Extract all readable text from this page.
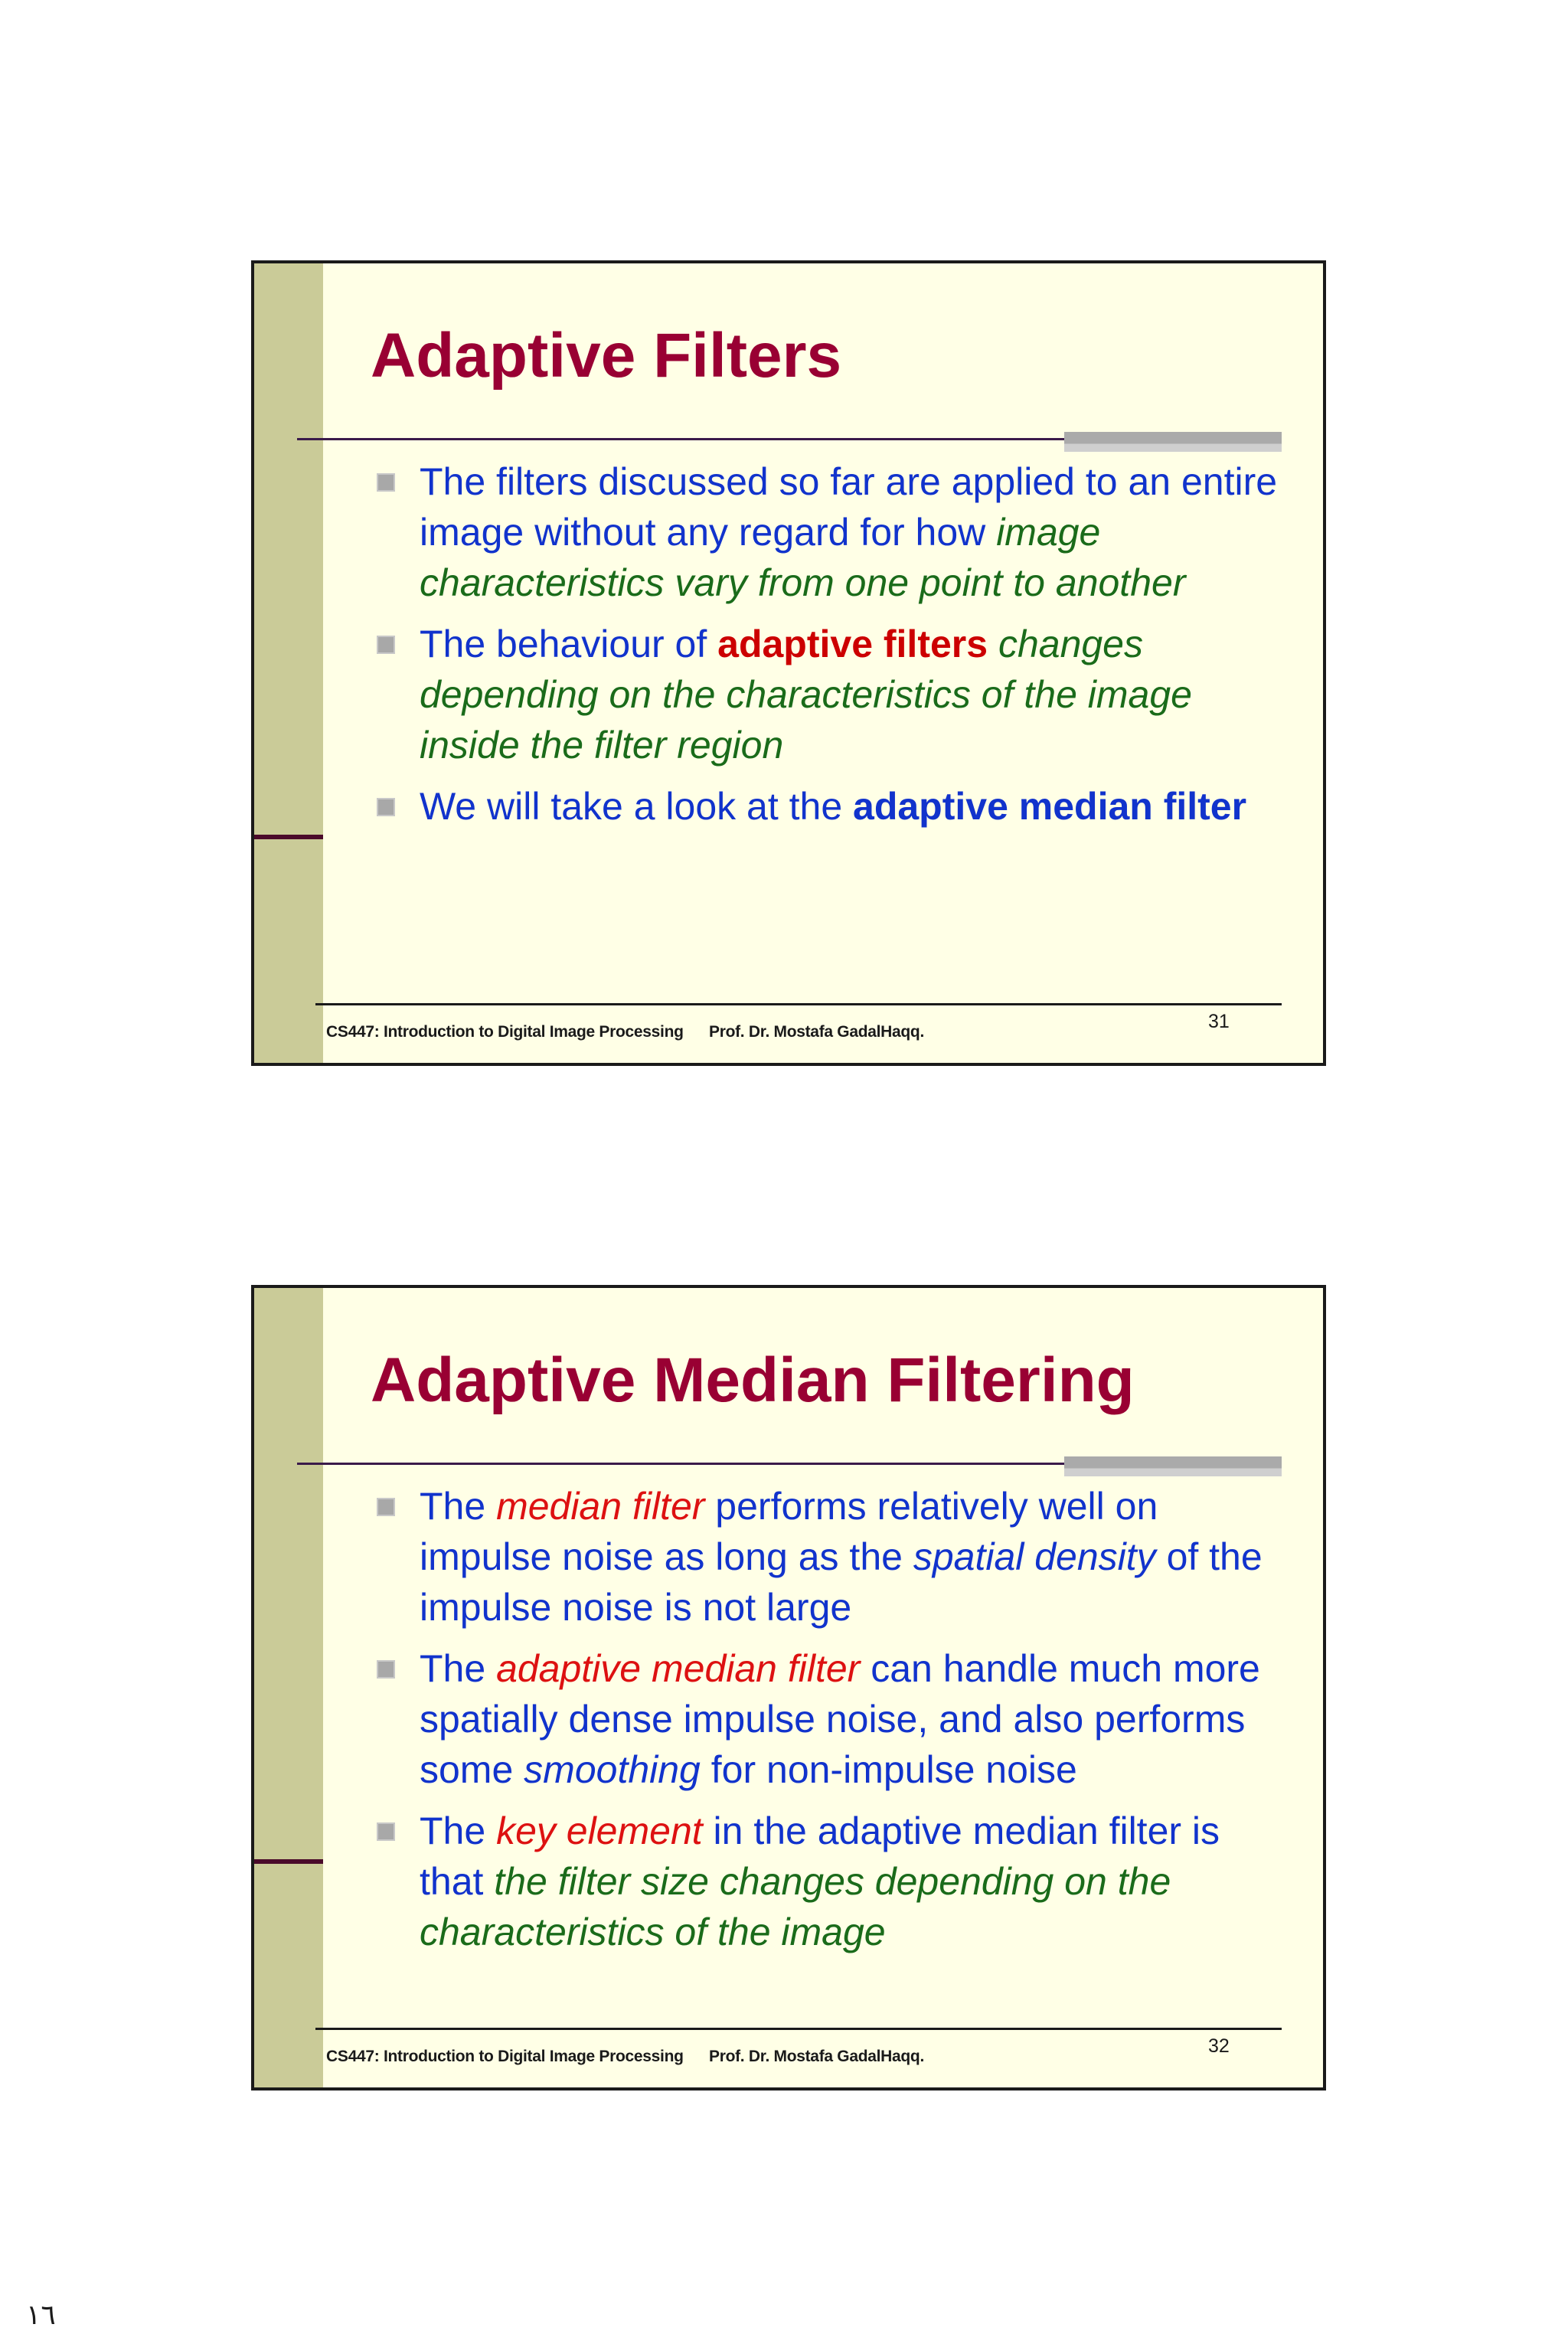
Adaptive Filters
The filters discussed so far are applied to an entire image without any regard for how image characteristics vary from one point to another
The behaviour of adaptive filters changes depending on the characteristics of the image inside the filter region
We will take a look at the adaptive median filter
CS447: Introduction to Digital Image Processing Prof. Dr. Mostafa GadalHaqq.	31
Adaptive Median Filtering
The median filter performs relatively well on impulse noise as long as the spatial density of the impulse noise is not large
The adaptive median filter can handle much more spatially dense impulse noise, and also performs some smoothing for non-impulse noise
The key element in the adaptive median filter is that the filter size changes depending on the characteristics of the image
CS447: Introduction to Digital Image Processing Prof. Dr. Mostafa GadalHaqq.	32
١٦
